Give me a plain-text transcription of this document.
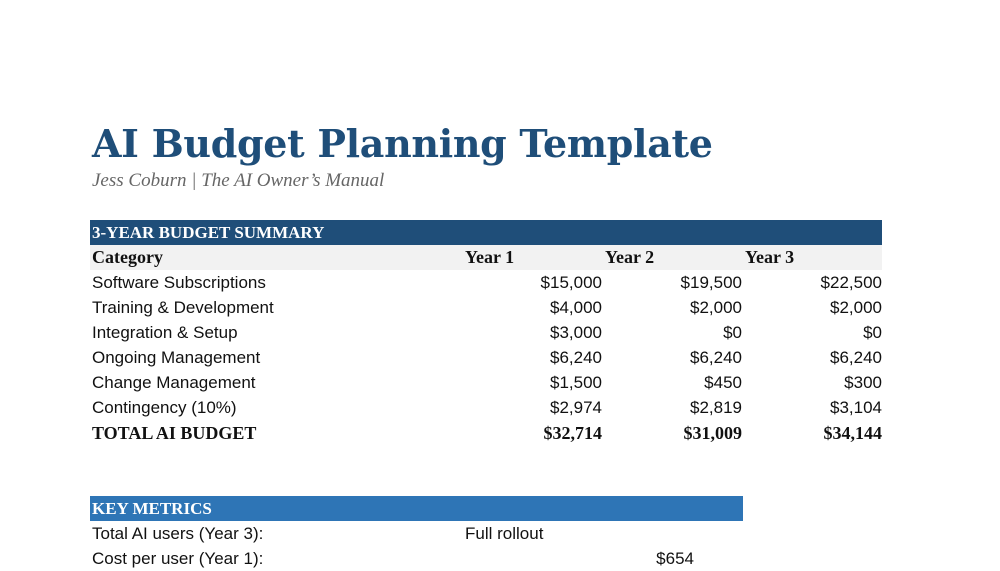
AI Budget Planning Template
Jess Coburn | The AI Owner’s Manual
3-YEAR BUDGET SUMMARY
Category	Year 1	Year 2	Year 3
Software Subscriptions	$15,000	$19,500	$22,500
Training & Development	$4,000	$2,000	$2,000
Integration & Setup	$3,000	$0	$0
Ongoing Management	$6,240	$6,240	$6,240
Change Management	$1,500	$450	$300
Contingency (10%)	$2,974	$2,819	$3,104
TOTAL AI BUDGET	$32,714	$31,009	$34,144
KEY METRICS
Total AI users (Year 3):	Full rollout
Cost per user (Year 1):	$654
